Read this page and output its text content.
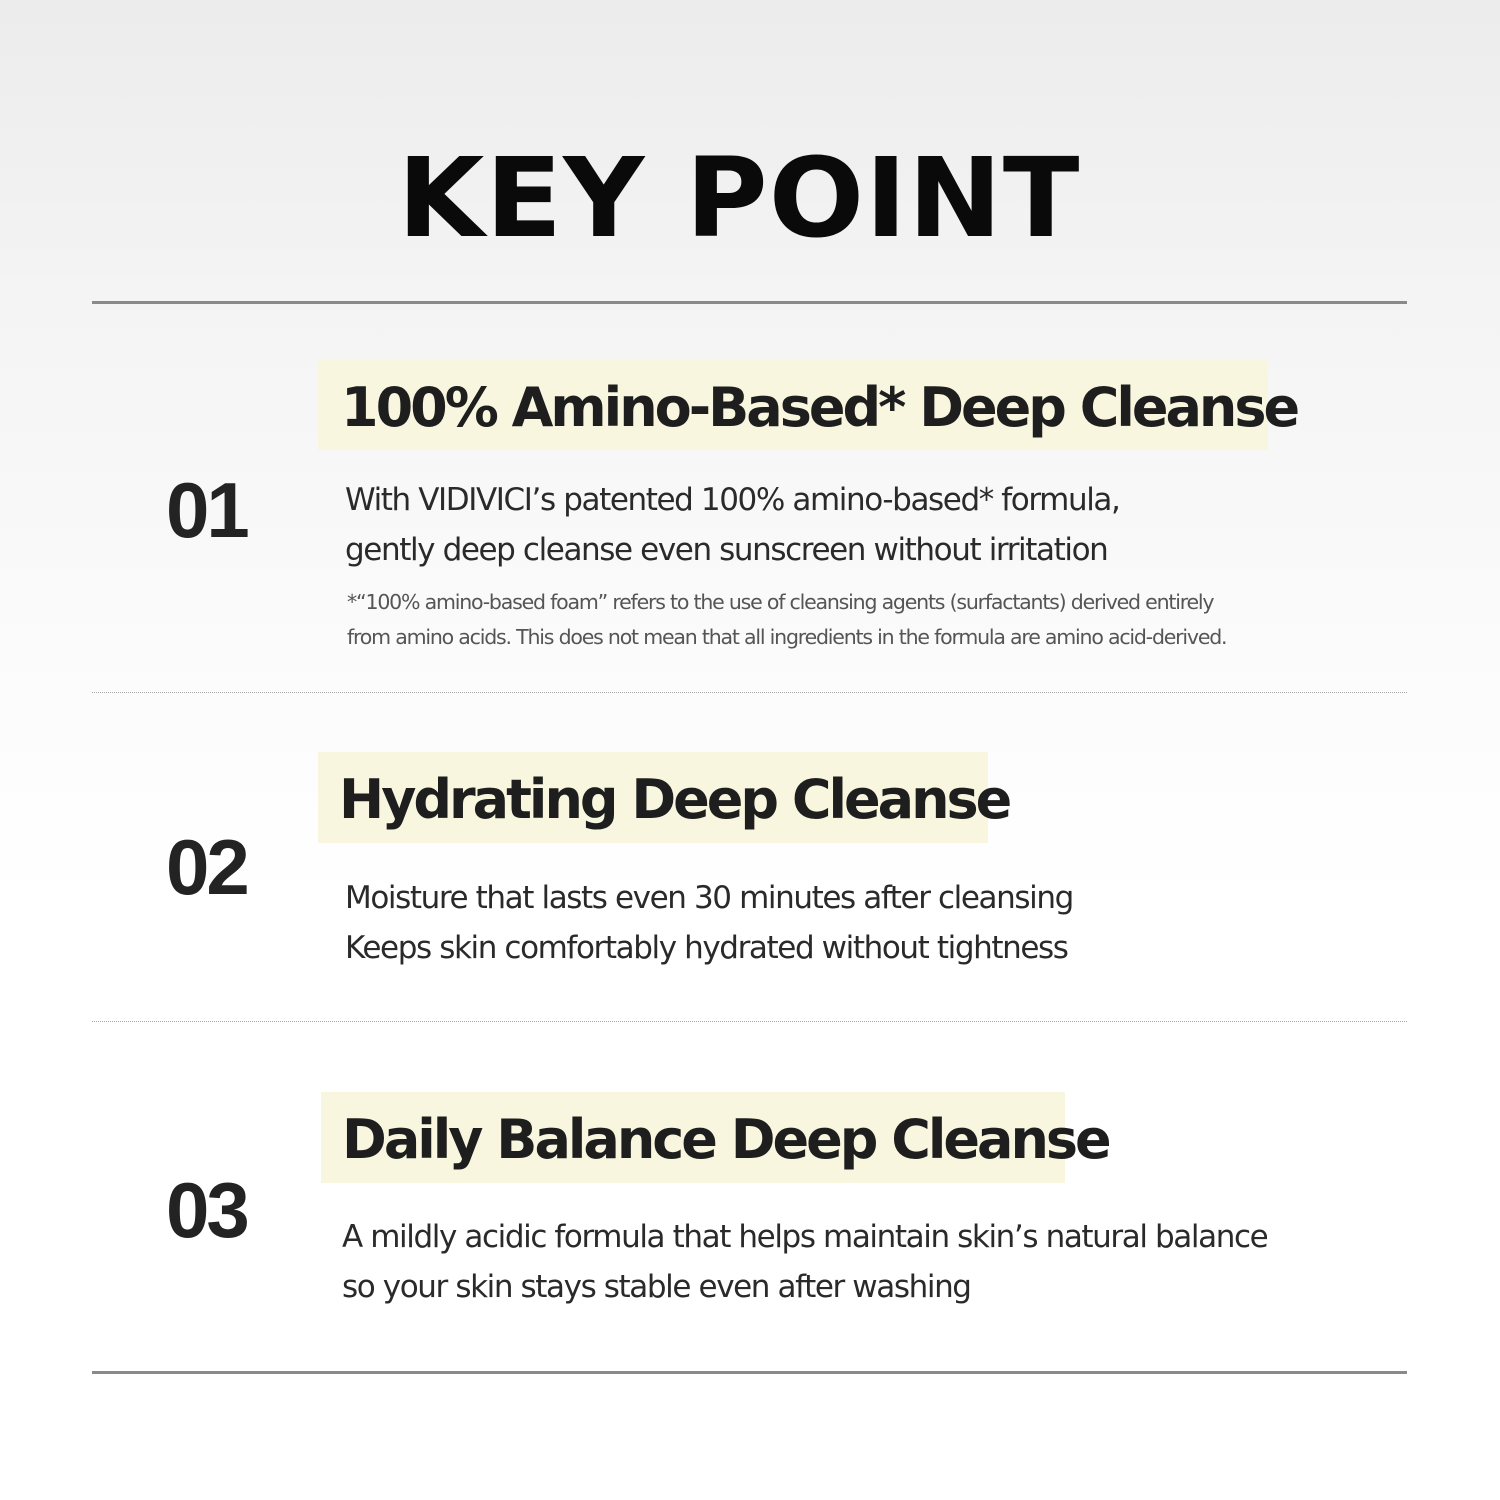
KEY POINT
100% Amino-Based* Deep Cleanse
01	With VIDIVICI’s patented 100% amino-based* formula,
gently deep cleanse even sunscreen without irritation
*“100% amino-based foam” refers to the use of cleansing agents (surfactants) derived entirely
from amino acids. This does not mean that all ingredients in the formula are amino acid-derived.
Hydrating Deep Cleanse
02	Moisture that lasts even 30 minutes after cleansing
Keeps skin comfortably hydrated without tightness
Daily Balance Deep Cleanse
03	A mildly acidic formula that helps maintain skin’s natural balance
so your skin stays stable even after washing
